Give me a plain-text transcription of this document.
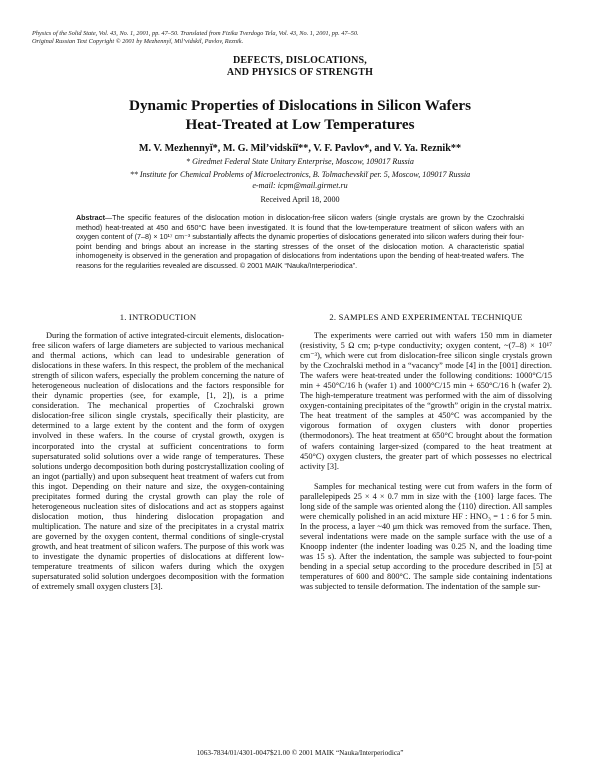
Physics of the Solid State, Vol. 43, No. 1, 2001, pp. 47–50. Translated from Fizika Tverdogo Tela, Vol. 43, No. 1, 2001, pp. 47–50.
Original Russian Text Copyright © 2001 by Mezhennyĭ, Mil’vidskiĭ, Pavlov, Reznik.
DEFECTS, DISLOCATIONS,
AND PHYSICS OF STRENGTH
Dynamic Properties of Dislocations in Silicon Wafers
Heat-Treated at Low Temperatures
M. V. Mezhennyĭ*, M. G. Mil’vidskiĭ**, V. F. Pavlov*, and V. Ya. Reznik**
* Giredmet Federal State Unitary Enterprise, Moscow, 109017 Russia
** Institute for Chemical Problems of Microelectronics, B. Tolmachevskiĭ per. 5, Moscow, 109017 Russia
e-mail: icpm@mail.girmet.ru
Received April 18, 2000
Abstract—The specific features of the dislocation motion in dislocation-free silicon wafers (single crystals are grown by the Czochralski method) heat-treated at 450 and 650°C have been investigated. It is found that the low-temperature treatment of silicon wafers with an oxygen content of (7–8) × 10¹⁷ cm⁻³ substantially affects the dynamic properties of dislocations generated into silicon wafers during their four-point bending and brings about an increase in the starting stresses of the onset of the dislocation motion. A characteristic spatial inhomogeneity is observed in the generation and propagation of dislocations from indentations upon the bending of heat-treated wafers. The reasons for the regularities revealed are discussed. © 2001 MAIK “Nauka/Interperiodica”.
1. INTRODUCTION

During the formation of active integrated-circuit elements, dislocation-free silicon wafers of large diameters are subjected to various mechanical and thermal actions, which can lead to undesirable generation of dislocations in these wafers. In this respect, the problem of the mechanical strength of silicon wafers, especially the problem concerning the nature of heterogeneous nucleation of dislocations and the factors responsible for their dynamic properties (see, for example, [1, 2]), is a prime consideration. The mechanical properties of Czochralski grown dislocation-free silicon single crystals, specifically their plasticity, are determined to a large extent by the content and the form of oxygen involved in these wafers. In the course of crystal growth, oxygen is incorporated into the crystal at sufficient concentrations to form supersaturated solid solutions over a wide range of temperatures. These solutions undergo decomposition both during postcrystallization cooling of an ingot (partially) and upon subsequent heat treatment of wafers cut from this ingot. Depending on their nature and size, the oxygen-containing precipitates formed during the crystal growth can play the role of heterogeneous nucleation sites of dislocations and act as stoppers against dislocation motion, thus hindering dislocation propagation and multiplication. The nature and size of the precipitates in a crystal matrix are governed by the oxygen content, thermal conditions of single-crystal growth, and heat treatment of silicon wafers. The purpose of this work was to investigate the dynamic properties of dislocations at different low-temperature treatments of silicon wafers during which the oxygen supersaturated solid solution undergoes decomposition with the formation of extremely small oxygen clusters [3].

2. SAMPLES AND EXPERIMENTAL TECHNIQUE

The experiments were carried out with wafers 150 mm in diameter (resistivity, 5 Ω cm; p-type conductivity; oxygen content, ~(7–8) × 10¹⁷ cm⁻³), which were cut from dislocation-free silicon single crystals grown by the Czochralski method in a “vacancy” mode [4] in the [001] direction. The wafers were heat-treated under the following conditions: 1000°C/15 min + 450°C/16 h (wafer 1) and 1000°C/15 min + 650°C/16 h (wafer 2). The high-temperature treatment was performed with the aim of dissolving oxygen-containing precipitates of the “growth” origin in the crystal matrix. The heat treatment of the samples at 450°C was accompanied by the vigorous formation of oxygen clusters with donor properties (thermodonors). The heat treatment at 650°C brought about the formation of wafers containing larger-sized (compared to the heat treatment at 450°C) oxygen clusters, the greater part of which possesses no electrical activity [3].

Samples for mechanical testing were cut from wafers in the form of parallelepipeds 25 × 4 × 0.7 mm in size with the {100} large faces. The long side of the sample was oriented along the ⟨110⟩ direction. All samples were chemically polished in an acid mixture HF : HNO₃ = 1 : 6 for 5 min. In the process, a layer ~40 μm thick was removed from the surface. Then, several indentations were made on the sample surface with the use of a Knoopp indenter (the indenter loading was 0.25 N, and the loading time was 15 s). After the indentation, the sample was subjected to four-point bending in a special setup according to the procedure described in [5] at temperatures of 600 and 800°C. The sample side containing indentations was subjected to tensile deformation. The indentation of the sample sur-

1063-7834/01/4301-0047$21.00 © 2001 MAIK “Nauka/Interperiodica”
